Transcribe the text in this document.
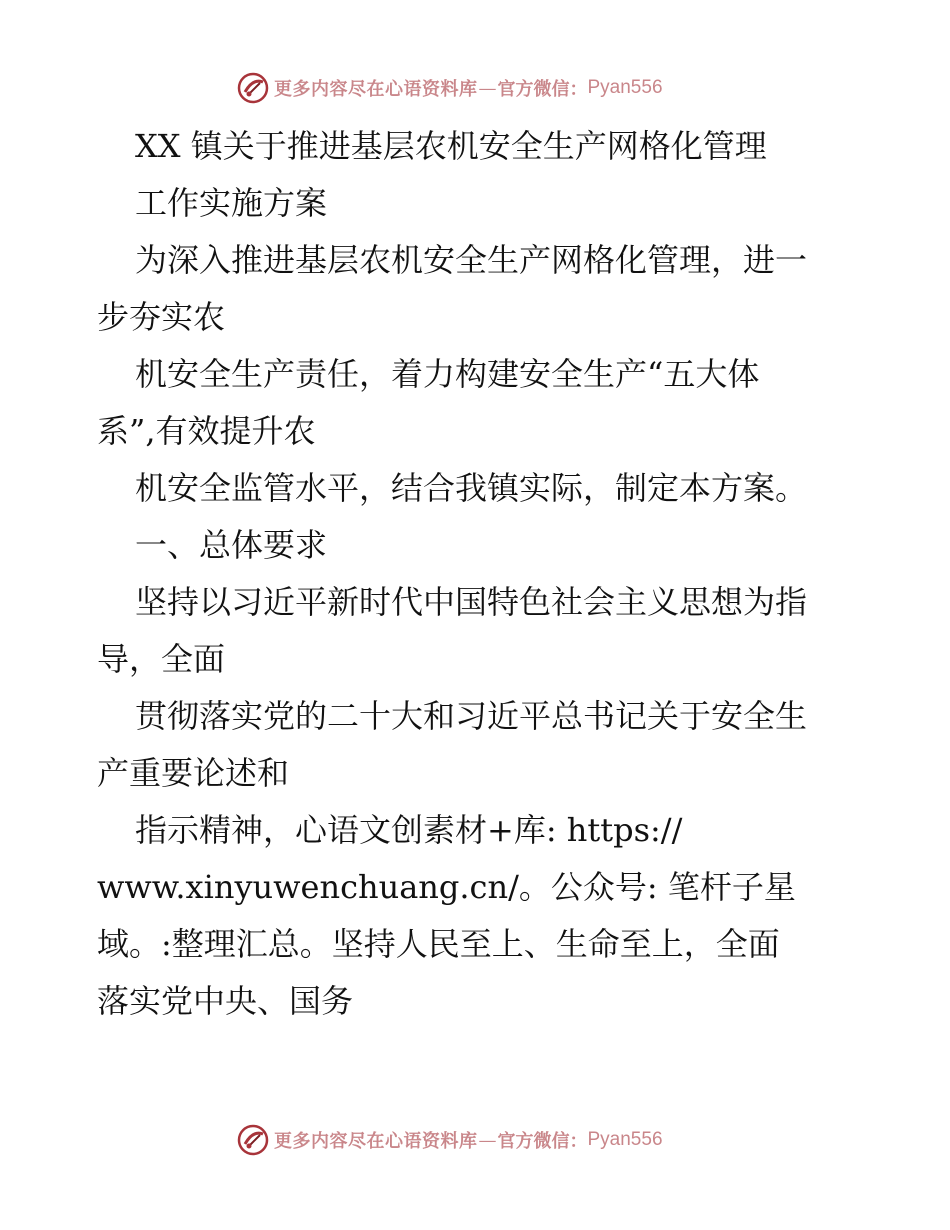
更多内容尽在心语资料库 — 官方微信： Pyan556
XX 镇关于推进基层农机安全生产网格化管理
工作实施方案
为深入推进基层农机安全生产网格化管理，进一
步夯实农
机安全生产责任，着力构建安全生产“五大体
系”,有效提升农
机安全监管水平，结合我镇实际，制定本方案。
一、总体要求
坚持以习近平新时代中国特色社会主义思想为指
导，全面
贯彻落实党的二十大和习近平总书记关于安全生
产重要论述和
指示精神，心语文创素材+库: https://
www.xinyuwenchuang.cn/。公众号: 笔杆子星
域。:整理汇总。坚持人民至上、生命至上，全面
落实党中央、国务
更多内容尽在心语资料库 — 官方微信： Pyan556
